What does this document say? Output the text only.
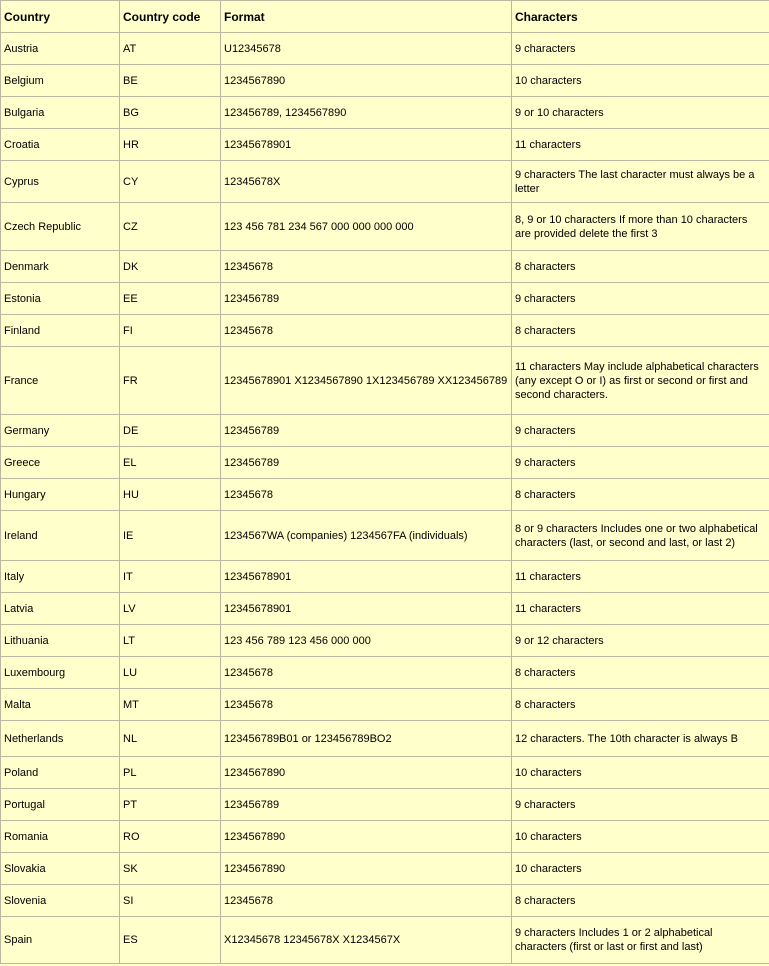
Country	Country code	Format	Characters
Austria	AT	U12345678	9 characters
Belgium	BE	1234567890	10 characters
Bulgaria	BG	123456789, 1234567890	9 or 10 characters
Croatia	HR	12345678901	11 characters
Cyprus	CY	12345678X	9 characters The last character must always be a letter
Czech Republic	CZ	123 456 781 234 567 000 000 000 000	8, 9 or 10 characters If more than 10 characters are provided delete the first 3
Denmark	DK	12345678	8 characters
Estonia	EE	123456789	9 characters
Finland	FI	12345678	8 characters
France	FR	12345678901 X1234567890 1X123456789 XX123456789	11 characters May include alphabetical characters (any except O or I) as first or second or first and second characters.
Germany	DE	123456789	9 characters
Greece	EL	123456789	9 characters
Hungary	HU	12345678	8 characters
Ireland	IE	1234567WA (companies) 1234567FA (individuals)	8 or 9 characters Includes one or two alphabetical characters (last, or second and last, or last 2)
Italy	IT	12345678901	11 characters
Latvia	LV	12345678901	11 characters
Lithuania	LT	123 456 789 123 456 000 000	9 or 12 characters
Luxembourg	LU	12345678	8 characters
Malta	MT	12345678	8 characters
Netherlands	NL	123456789B01 or 123456789BO2	12 characters. The 10th character is always B
Poland	PL	1234567890	10 characters
Portugal	PT	123456789	9 characters
Romania	RO	1234567890	10 characters
Slovakia	SK	1234567890	10 characters
Slovenia	SI	12345678	8 characters
Spain	ES	X12345678 12345678X X1234567X	9 characters Includes 1 or 2 alphabetical characters (first or last or first and last)
